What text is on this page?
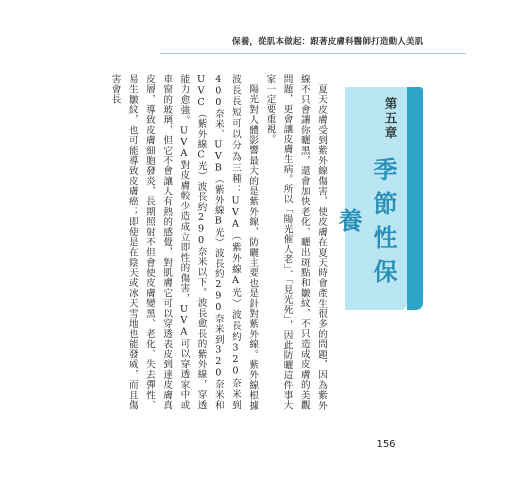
保養，從肌本做起：跟著皮膚科醫師打造動人美肌

夏天皮膚受到紫外線傷害，使皮膚在夏天時會產生很多的問題，因為紫外線不只會讓你曬黑，還會加快老化、曬出斑點和皺紋，不只造成皮膚的美觀問題，更會讓皮膚生病。所以「陽光催人老」、「見光死」，因此防曬這件事大家一定要重視。

陽光對人體影響最大的是紫外線，防曬主要也是針對紫外線。紫外線根據波長長短可以分為三種：UVA（紫外線A光）波長約320奈米到400奈米、UVB（紫外線B光）波長約290奈米到320奈米和UVC（紫外線C光）波長約290奈米以下。波長愈長的紫外線，穿透能力愈強。UVA對皮膚較少造成立即性的傷害，UVA可以穿透家中或車窗的玻璃，但它不會讓人有熱的感覺，對肌膚它可以穿透表皮到達皮膚真皮層，導致皮膚細胞發炎，長期照射不但會使皮膚變黑、老化、失去彈性、易生皺紋，也可能導致皮膚癌；即使是在陰天或冰天雪地也能發威，而且傷害會長

第五章
季節性保養
156
